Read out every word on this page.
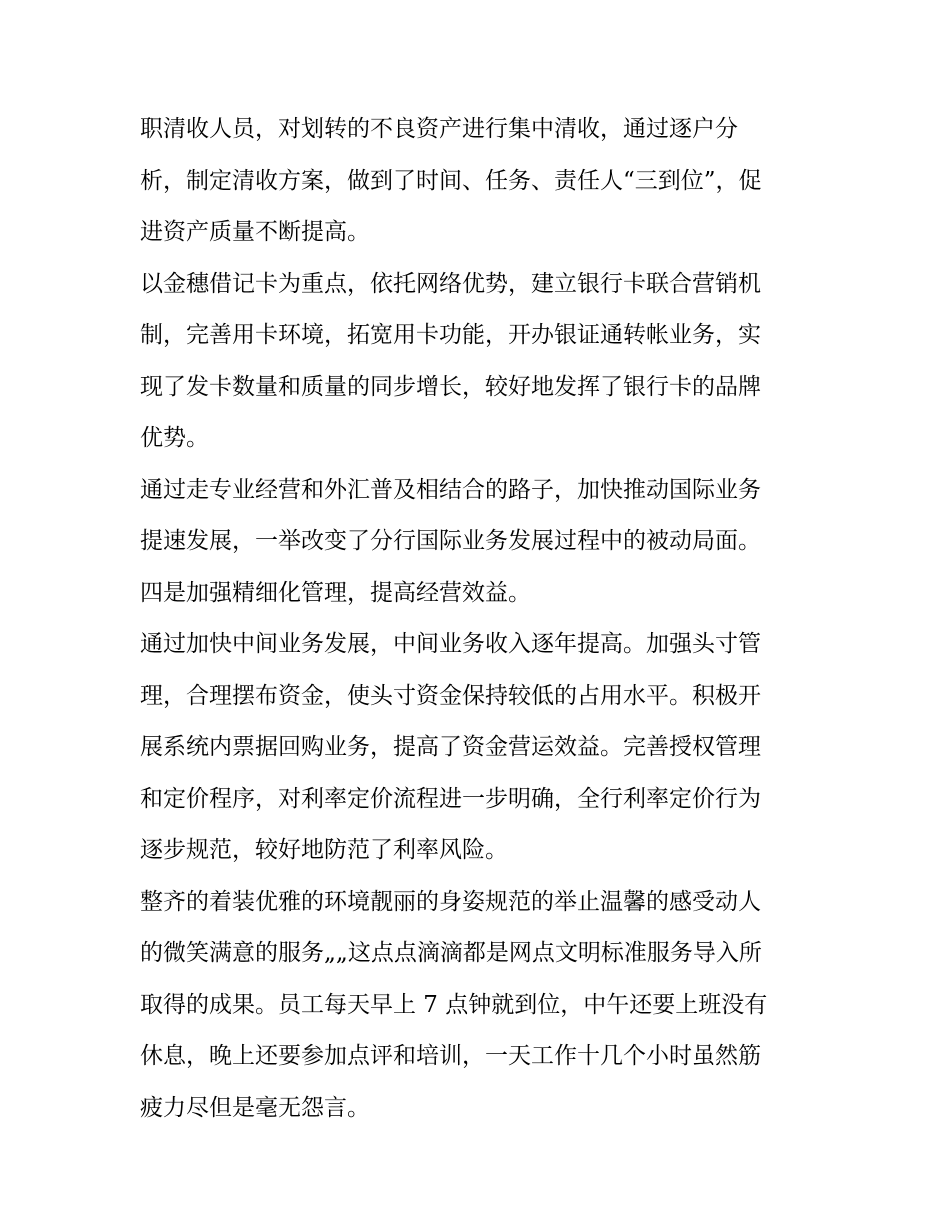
职清收人员，对划转的不良资产进行集中清收，通过逐户分
析，制定清收方案，做到了时间、任务、责任人“三到位”，促
进资产质量不断提高。
以金穗借记卡为重点，依托网络优势，建立银行卡联合营销机
制，完善用卡环境，拓宽用卡功能，开办银证通转帐业务，实
现了发卡数量和质量的同步增长，较好地发挥了银行卡的品牌
优势。
通过走专业经营和外汇普及相结合的路子，加快推动国际业务
提速发展，一举改变了分行国际业务发展过程中的被动局面。
四是加强精细化管理，提高经营效益。
通过加快中间业务发展，中间业务收入逐年提高。加强头寸管
理，合理摆布资金，使头寸资金保持较低的占用水平。积极开
展系统内票据回购业务，提高了资金营运效益。完善授权管理
和定价程序，对利率定价流程进一步明确，全行利率定价行为
逐步规范，较好地防范了利率风险。
整齐的着装优雅的环境靓丽的身姿规范的举止温馨的感受动人
的微笑满意的服务„„这点点滴滴都是网点文明标准服务导入所
取得的成果。员工每天早上 7 点钟就到位，中午还要上班没有
休息，晚上还要参加点评和培训，一天工作十几个小时虽然筋
疲力尽但是毫无怨言。
